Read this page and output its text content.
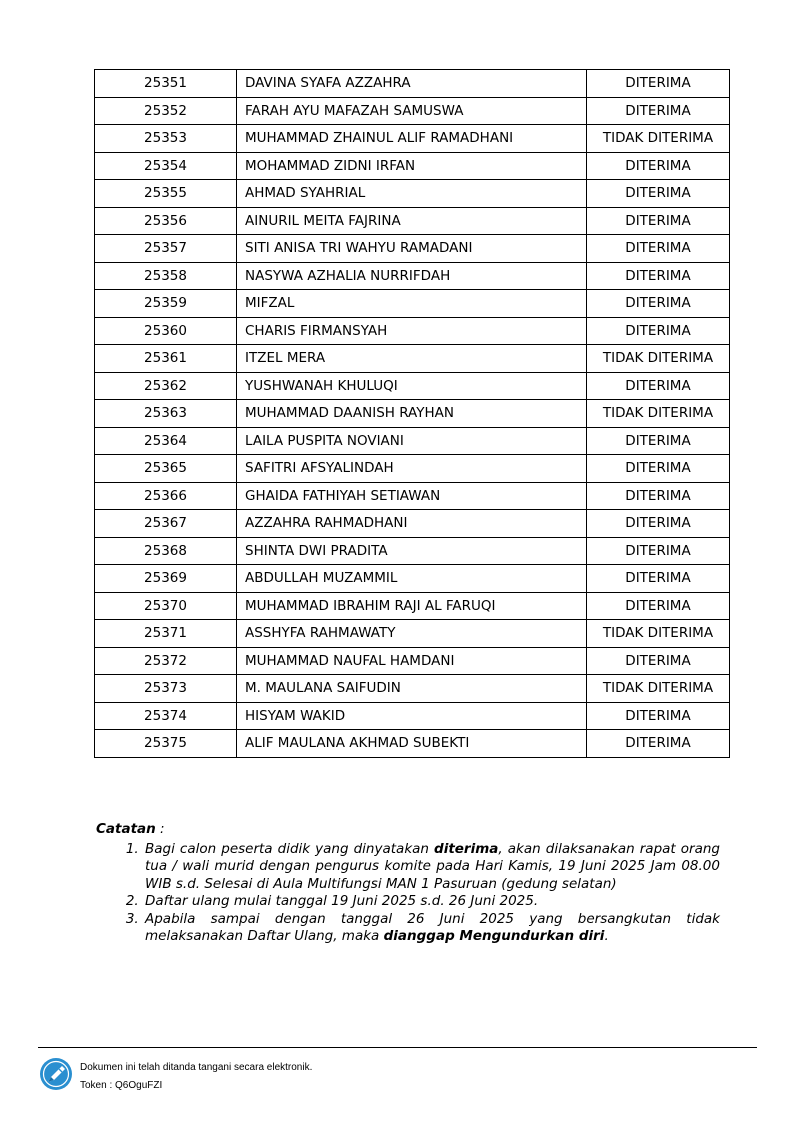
25351	DAVINA SYAFA AZZAHRA	DITERIMA
25352	FARAH AYU MAFAZAH SAMUSWA	DITERIMA
25353	MUHAMMAD ZHAINUL ALIF RAMADHANI	TIDAK DITERIMA
25354	MOHAMMAD ZIDNI IRFAN	DITERIMA
25355	AHMAD SYAHRIAL	DITERIMA
25356	AINURIL MEITA FAJRINA	DITERIMA
25357	SITI ANISA TRI WAHYU RAMADANI	DITERIMA
25358	NASYWA AZHALIA NURRIFDAH	DITERIMA
25359	MIFZAL	DITERIMA
25360	CHARIS FIRMANSYAH	DITERIMA
25361	ITZEL MERA	TIDAK DITERIMA
25362	YUSHWANAH KHULUQI	DITERIMA
25363	MUHAMMAD DAANISH RAYHAN	TIDAK DITERIMA
25364	LAILA PUSPITA NOVIANI	DITERIMA
25365	SAFITRI AFSYALINDAH	DITERIMA
25366	GHAIDA FATHIYAH SETIAWAN	DITERIMA
25367	AZZAHRA RAHMADHANI	DITERIMA
25368	SHINTA DWI PRADITA	DITERIMA
25369	ABDULLAH MUZAMMIL	DITERIMA
25370	MUHAMMAD IBRAHIM RAJI AL FARUQI	DITERIMA
25371	ASSHYFA RAHMAWATY	TIDAK DITERIMA
25372	MUHAMMAD NAUFAL HAMDANI	DITERIMA
25373	M. MAULANA SAIFUDIN	TIDAK DITERIMA
25374	HISYAM WAKID	DITERIMA
25375	ALIF MAULANA AKHMAD SUBEKTI	DITERIMA
Catatan :
1. Bagi calon peserta didik yang dinyatakan diterima, akan dilaksanakan rapat orang tua / wali murid dengan pengurus komite pada Hari Kamis, 19 Juni 2025 Jam 08.00 WIB s.d. Selesai di Aula Multifungsi MAN 1 Pasuruan (gedung selatan)
2. Daftar ulang mulai tanggal 19 Juni 2025 s.d. 26 Juni 2025.
3. Apabila sampai dengan tanggal 26 Juni 2025 yang bersangkutan tidak melaksanakan Daftar Ulang, maka dianggap Mengundurkan diri.
Dokumen ini telah ditanda tangani secara elektronik.
Token : Q6OguFZI
